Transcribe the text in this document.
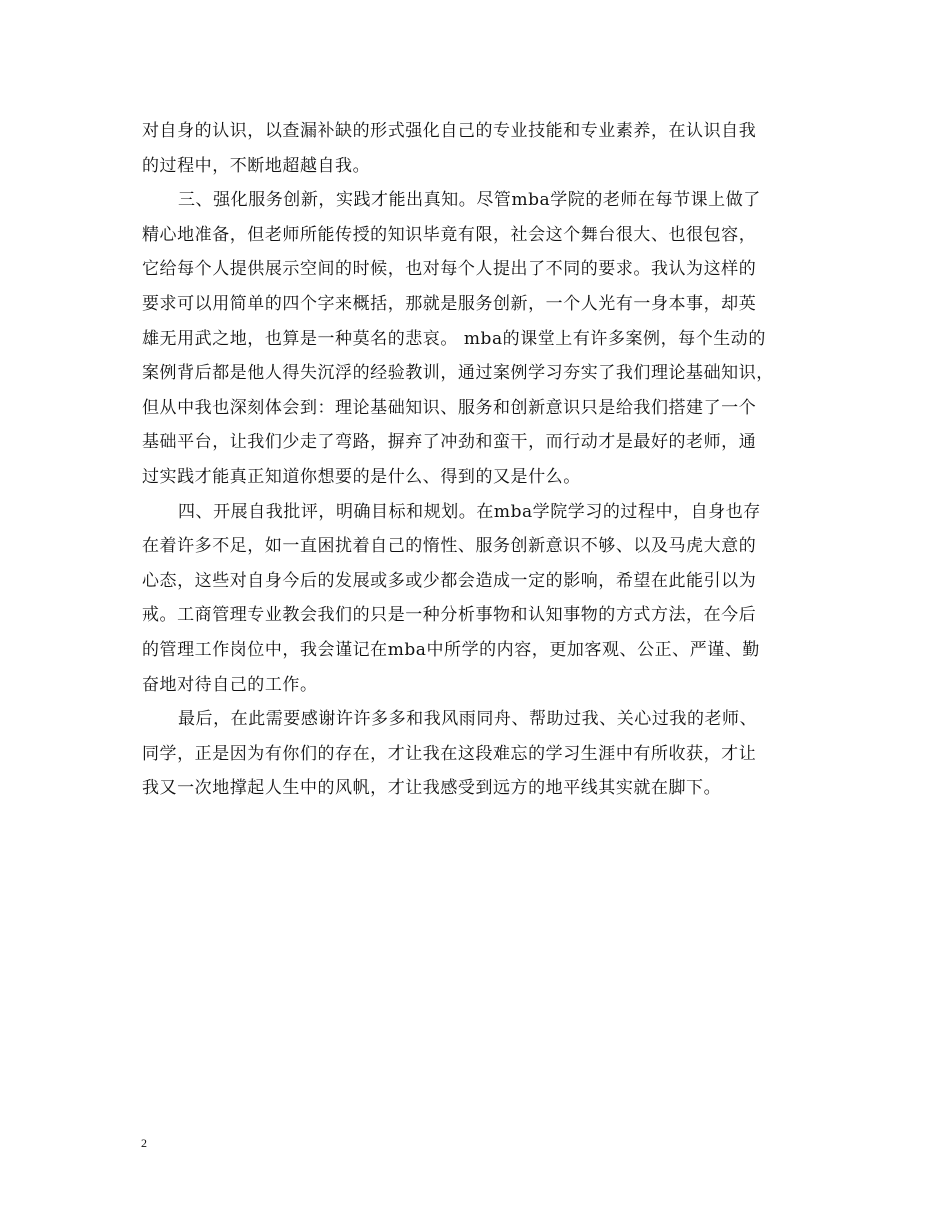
对自身的认识，以查漏补缺的形式强化自己的专业技能和专业素养，在认识自我
的过程中，不断地超越自我。
三、强化服务创新，实践才能出真知。尽管mba学院的老师在每节课上做了
精心地准备，但老师所能传授的知识毕竟有限，社会这个舞台很大、也很包容，
它给每个人提供展示空间的时候，也对每个人提出了不同的要求。我认为这样的
要求可以用简单的四个字来概括，那就是服务创新，一个人光有一身本事，却英
雄无用武之地，也算是一种莫名的悲哀。 mba的课堂上有许多案例，每个生动的
案例背后都是他人得失沉浮的经验教训，通过案例学习夯实了我们理论基础知识，
但从中我也深刻体会到：理论基础知识、服务和创新意识只是给我们搭建了一个
基础平台，让我们少走了弯路，摒弃了冲劲和蛮干，而行动才是最好的老师，通
过实践才能真正知道你想要的是什么、得到的又是什么。
四、开展自我批评，明确目标和规划。在mba学院学习的过程中，自身也存
在着许多不足，如一直困扰着自己的惰性、服务创新意识不够、以及马虎大意的
心态，这些对自身今后的发展或多或少都会造成一定的影响，希望在此能引以为
戒。工商管理专业教会我们的只是一种分析事物和认知事物的方式方法，在今后
的管理工作岗位中，我会谨记在mba中所学的内容，更加客观、公正、严谨、勤
奋地对待自己的工作。
最后，在此需要感谢许许多多和我风雨同舟、帮助过我、关心过我的老师、
同学，正是因为有你们的存在，才让我在这段难忘的学习生涯中有所收获，才让
我又一次地撑起人生中的风帆，才让我感受到远方的地平线其实就在脚下。
2
